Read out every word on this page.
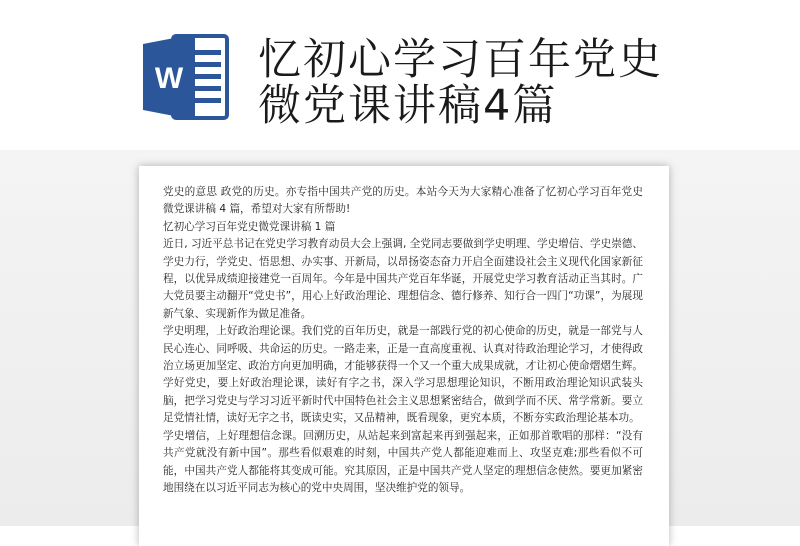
W 忆初心学习百年党史
微党课讲稿4篇

党史的意思 政党的历史。亦专指中国共产党的历史。本站今天为大家精心准备了忆初心学习百年党史微党课讲稿 4 篇，希望对大家有所帮助!

忆初心学习百年党史微党课讲稿 1 篇

近日, 习近平总书记在党史学习教育动员大会上强调, 全党同志要做到学史明理、学史增信、学史崇德、学史力行，学党史、悟思想、办实事、开新局，以昂扬姿态奋力开启全面建设社会主义现代化国家新征程，以优异成绩迎接建党一百周年。今年是中国共产党百年华诞，开展党史学习教育活动正当其时。广大党员要主动翻开“党史书”，用心上好政治理论、理想信念、德行修养、知行合一四门“功课”，为展现新气象、实现新作为做足准备。

学史明理，上好政治理论课。我们党的百年历史，就是一部践行党的初心使命的历史，就是一部党与人民心连心、同呼吸、共命运的历史。一路走来，正是一直高度重视、认真对待政治理论学习，才使得政治立场更加坚定、政治方向更加明确，才能够获得一个又一个重大成果成就，才让初心使命熠熠生辉。学好党史，要上好政治理论课，读好有字之书，深入学习思想理论知识，不断用政治理论知识武装头脑，把学习党史与学习习近平新时代中国特色社会主义思想紧密结合，做到学而不厌、常学常新。要立足党情社情，读好无字之书，既读史实，又品精神，既看现象，更究本质，不断夯实政治理论基本功。

学史增信，上好理想信念课。回溯历史，从站起来到富起来再到强起来，正如那首歌唱的那样：“没有共产党就没有新中国”。那些看似艰难的时刻，中国共产党人都能迎难而上、攻坚克难;那些看似不可能，中国共产党人都能将其变成可能。究其原因，正是中国共产党人坚定的理想信念使然。要更加紧密地围绕在以习近平同志为核心的党中央周围，坚决维护党的领导。
